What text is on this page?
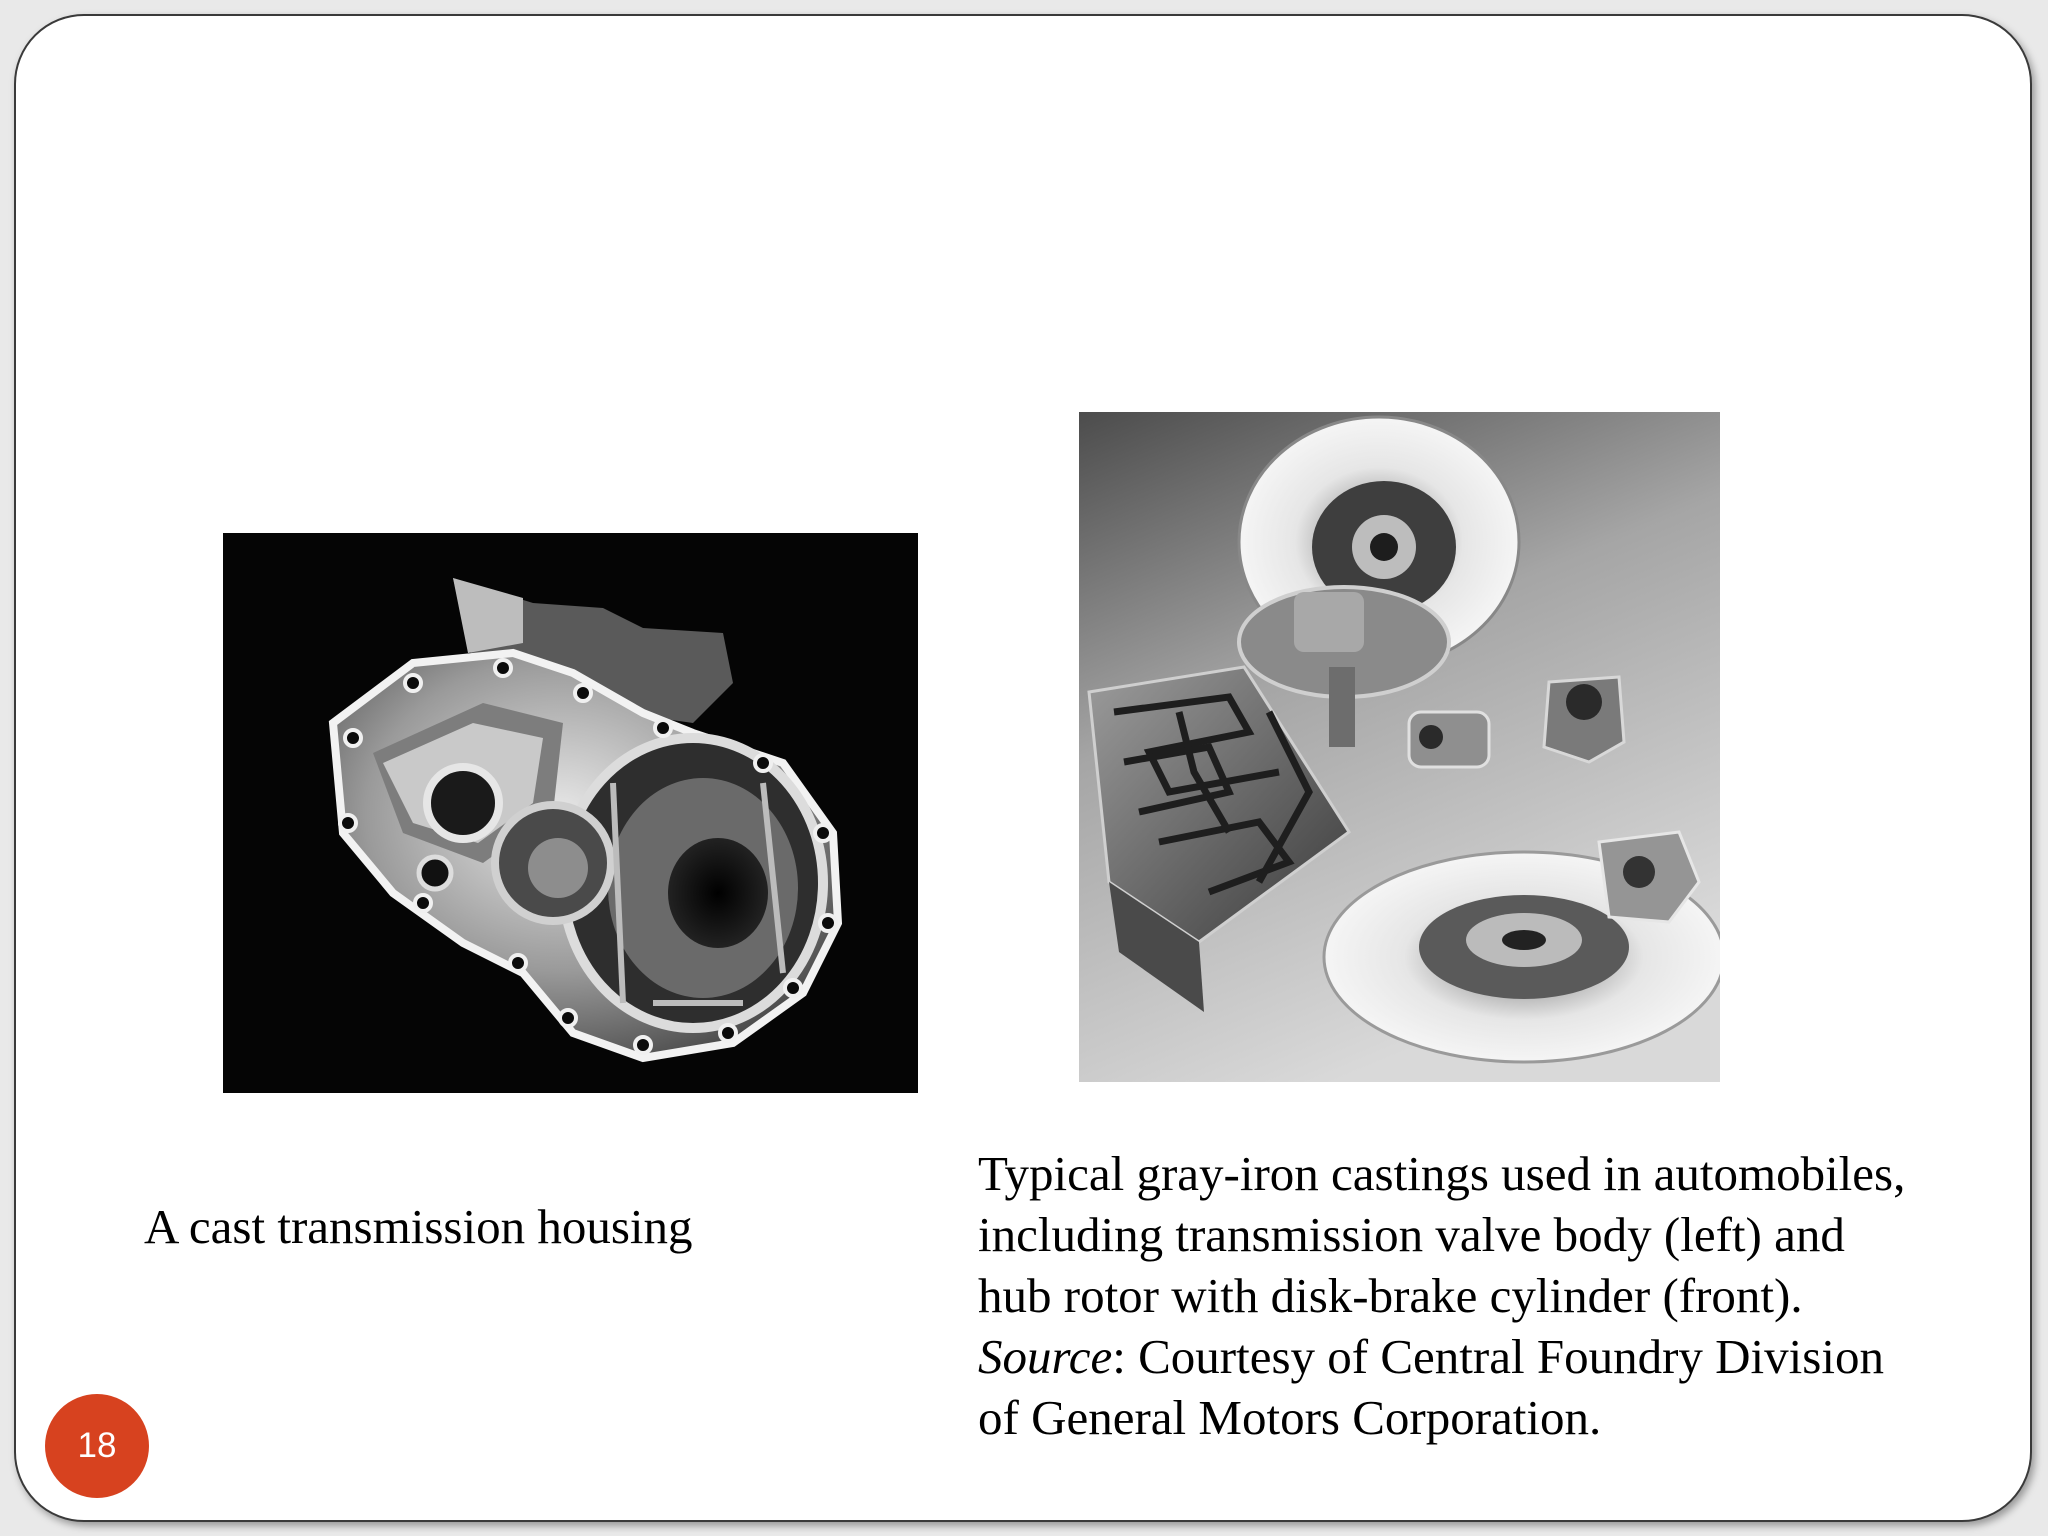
A cast transmission housing
Typical gray-iron castings used in automobiles,
including transmission valve body (left) and
hub rotor with disk-brake cylinder (front).
Source: Courtesy of Central Foundry Division
of General Motors Corporation.
18
